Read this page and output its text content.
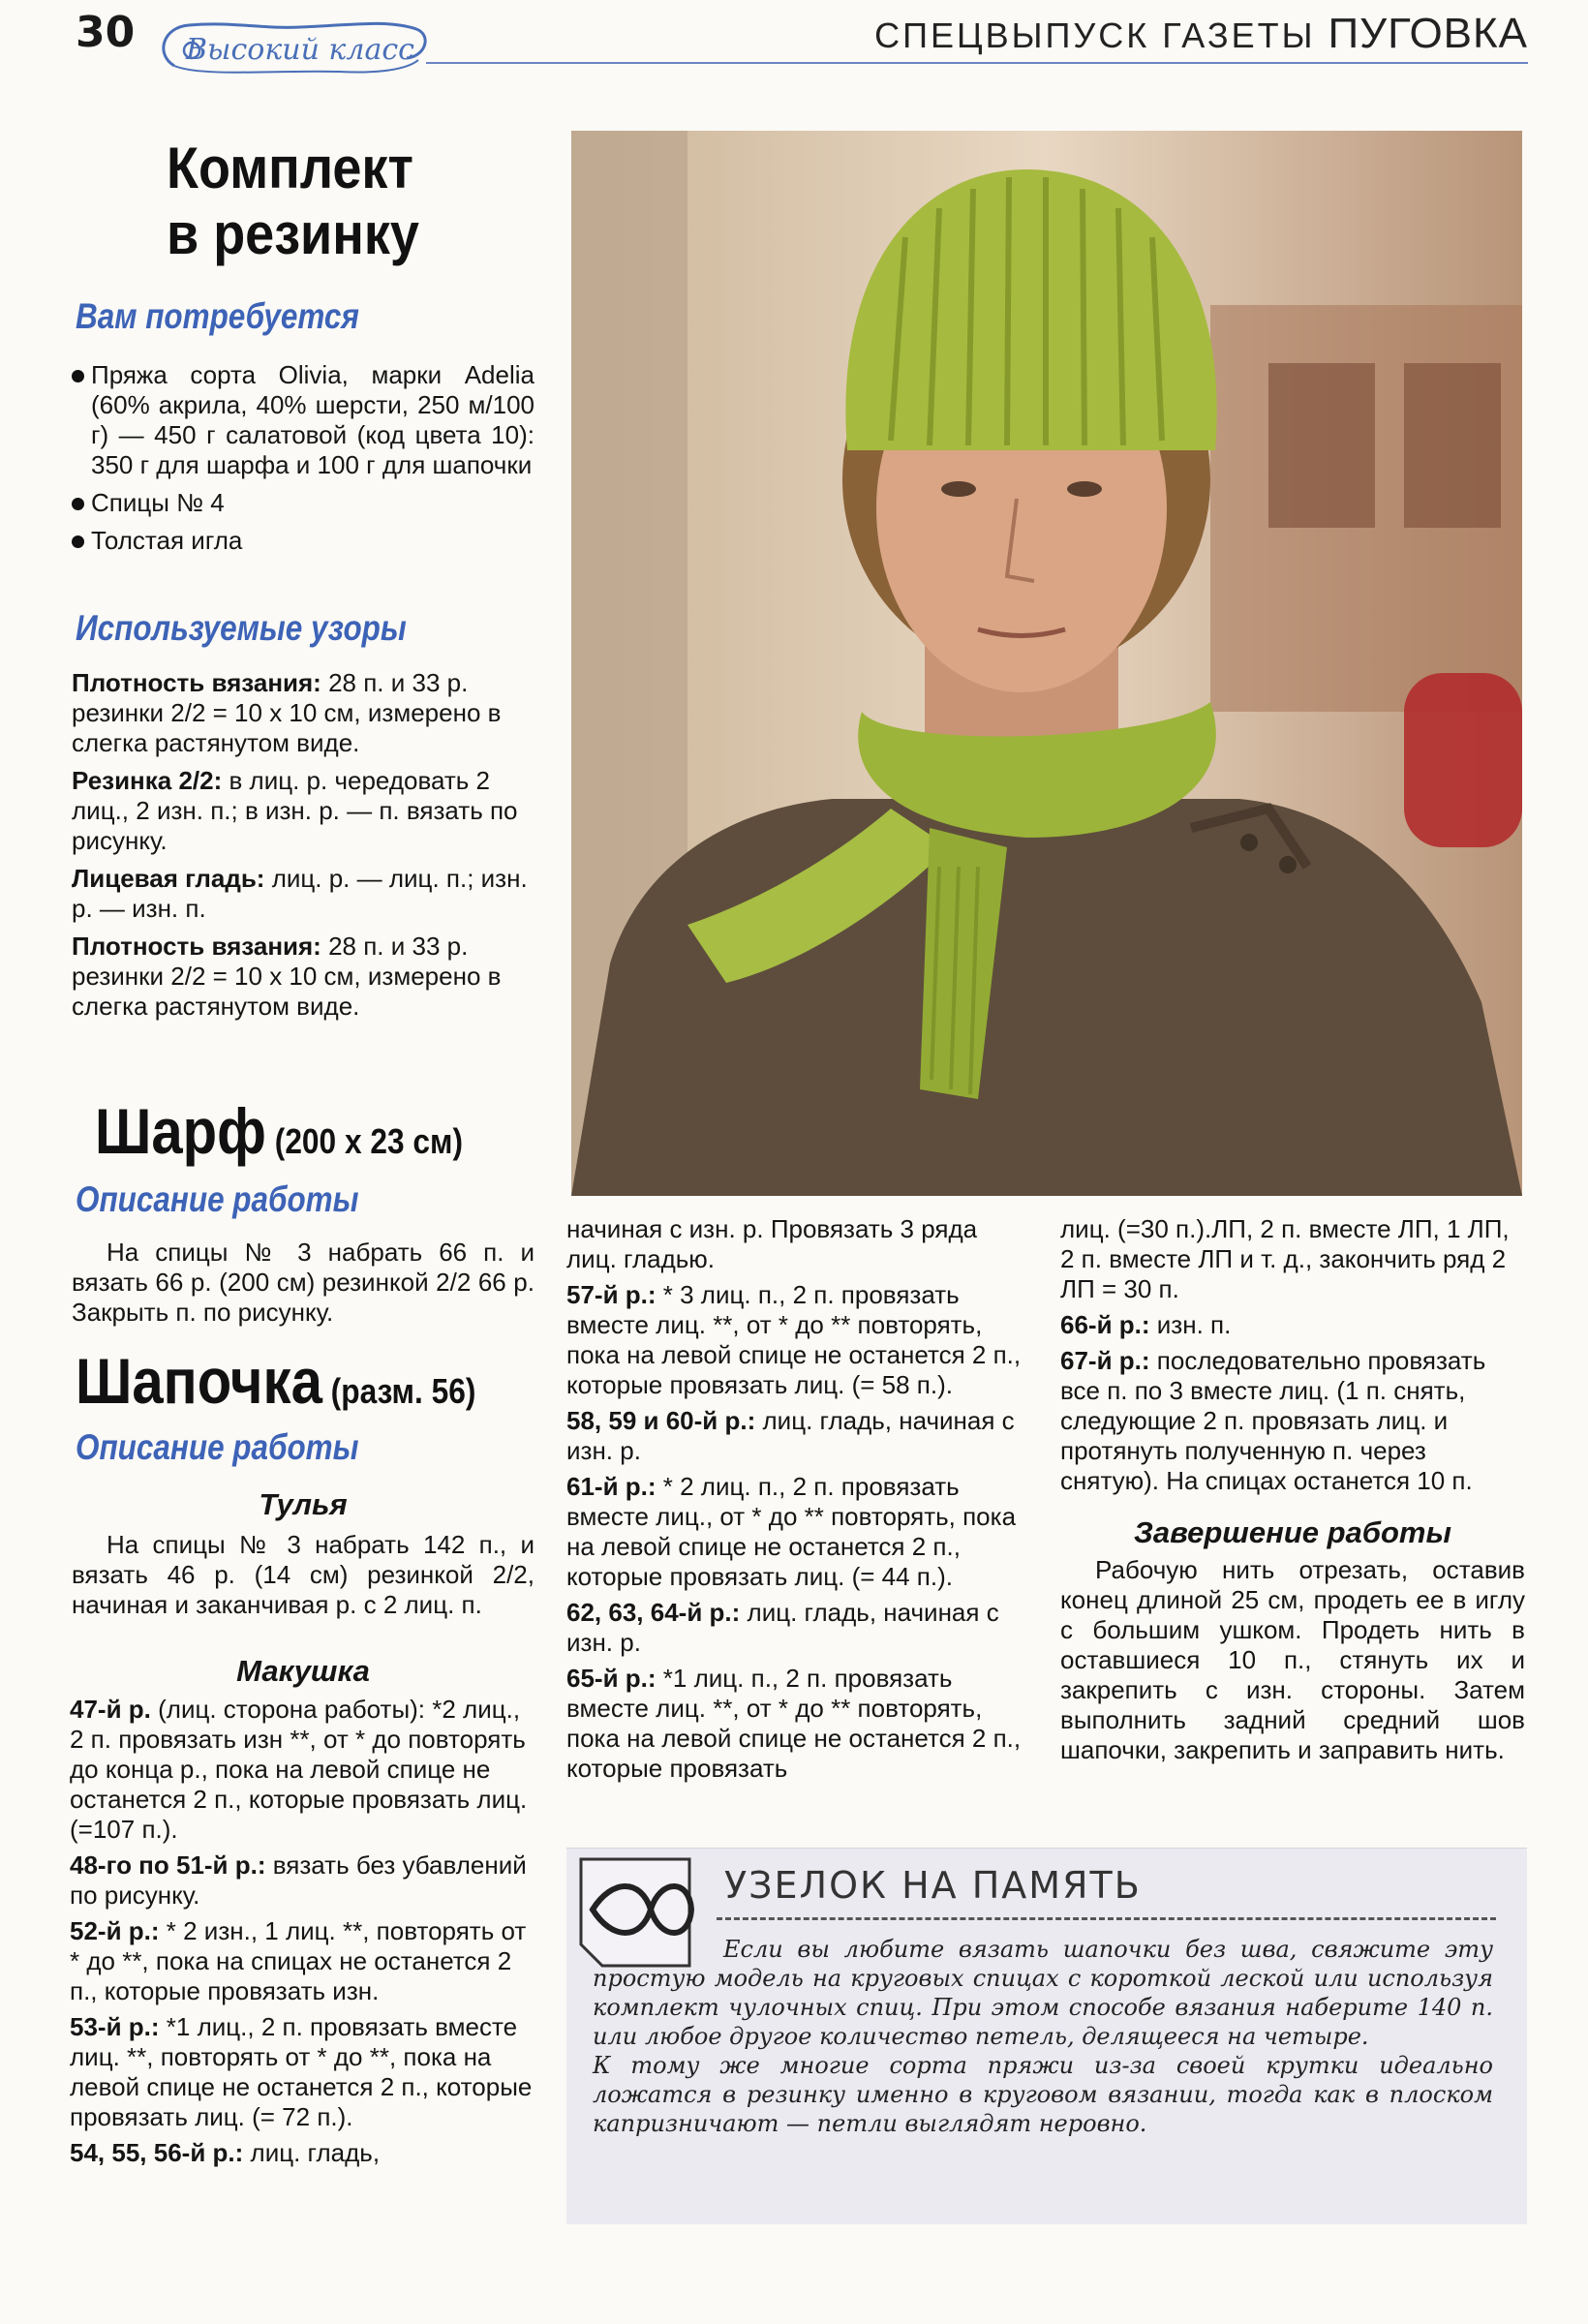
30 Высокий класс	СПЕЦВЫПУСК ГАЗЕТЫ ПУГОВКА
Комплект
в резинку
Вам потребуется

Пряжа сорта Olivia, марки Adelia (60% акрила, 40% шерсти, 250 м/100 г) — 450 г салатовой (код цвета 10): 350 г для шарфа и 100 г для шапочки

Спицы № 4

Толстая игла

Используемые узоры

Плотность вязания: 28 п. и 33 р. резинки 2/2 = 10 х 10 см, измерено в слегка растянутом виде.

Резинка 2/2: в лиц. р. чередовать 2 лиц., 2 изн. п.; в изн. р. — п. вязать по рисунку.

Лицевая гладь: лиц. р. — лиц. п.; изн. р. — изн. п.

Плотность вязания: 28 п. и 33 р. резинки 2/2 = 10 х 10 см, измерено в слегка растянутом виде.

Шарф (200 х 23 см)
Описание работы
На спицы № 3 набрать 66 п. и вязать 66 р. (200 см) резинкой 2/2 66 р. Закрыть п. по рисунку.
Шапочка (разм. 56)
Описание работы
Тулья
На спицы № 3 набрать 142 п., и вязать 46 р. (14 см) резинкой 2/2, начиная и заканчивая р. с 2 лиц. п.
Макушка

47-й р. (лиц. сторона работы): *2 лиц., 2 п. провязать изн **, от * до повторять до конца р., пока на левой спице не останется 2 п., которые провязать лиц. (=107 п.).

48-го по 51-й р.: вязать без убавлений по рисунку.

52-й р.: * 2 изн., 1 лиц. **, повторять от * до **, пока на спицах не останется 2 п., которые провязать изн.

53-й р.: *1 лиц., 2 п. провязать вместе лиц. **, повторять от * до **, пока на левой спице не останется 2 п., которые провязать лиц. (= 72 п.).

54, 55, 56-й р.: лиц. гладь,

начиная с изн. р. Провязать 3 ряда лиц. гладью.

57-й р.: * 3 лиц. п., 2 п. провязать вместе лиц. **, от * до ** повторять, пока на левой спице не останется 2 п., которые провязать лиц. (= 58 п.).

58, 59 и 60-й р.: лиц. гладь, начиная с изн. р.

61-й р.: * 2 лиц. п., 2 п. провязать вместе лиц., от * до ** повторять, пока на левой спице не останется 2 п., которые провязать лиц. (= 44 п.).

62, 63, 64-й р.: лиц. гладь, начиная с изн. р.

65-й р.: *1 лиц. п., 2 п. провязать вместе лиц. **, от * до ** повторять, пока на левой спице не останется 2 п., которые провязать

лиц. (=30 п.).ЛП, 2 п. вместе ЛП, 1 ЛП, 2 п. вместе ЛП и т. д., закончить ряд 2 ЛП = 30 п.

66-й р.: изн. п.

67-й р.: последовательно провязать все п. по 3 вместе лиц. (1 п. снять, следующие 2 п. провязать лиц. и протянуть полученную п. через снятую). На спицах останется 10 п.

Завершение работы

Рабочую нить отрезать, оставив конец длиной 25 см, продеть ее в иглу с большим ушком. Продеть нить в оставшиеся 10 п., стянуть их и закрепить с изн. стороны. Затем выполнить задний средний шов шапочки, закрепить и заправить нить.

УЗЕЛОК НА ПАМЯТЬ

Если вы любите вязать шапочки без шва, свяжите эту простую модель на круговых спицах с короткой леской или используя комплект чулочных спиц. При этом способе вязания наберите 140 п. или любое другое количество петель, делящееся на четыре.

К тому же многие сорта пряжи из-за своей крутки идеально ложатся в резинку именно в круговом вязании, тогда как в плоском капризничают — петли выглядят неровно.
